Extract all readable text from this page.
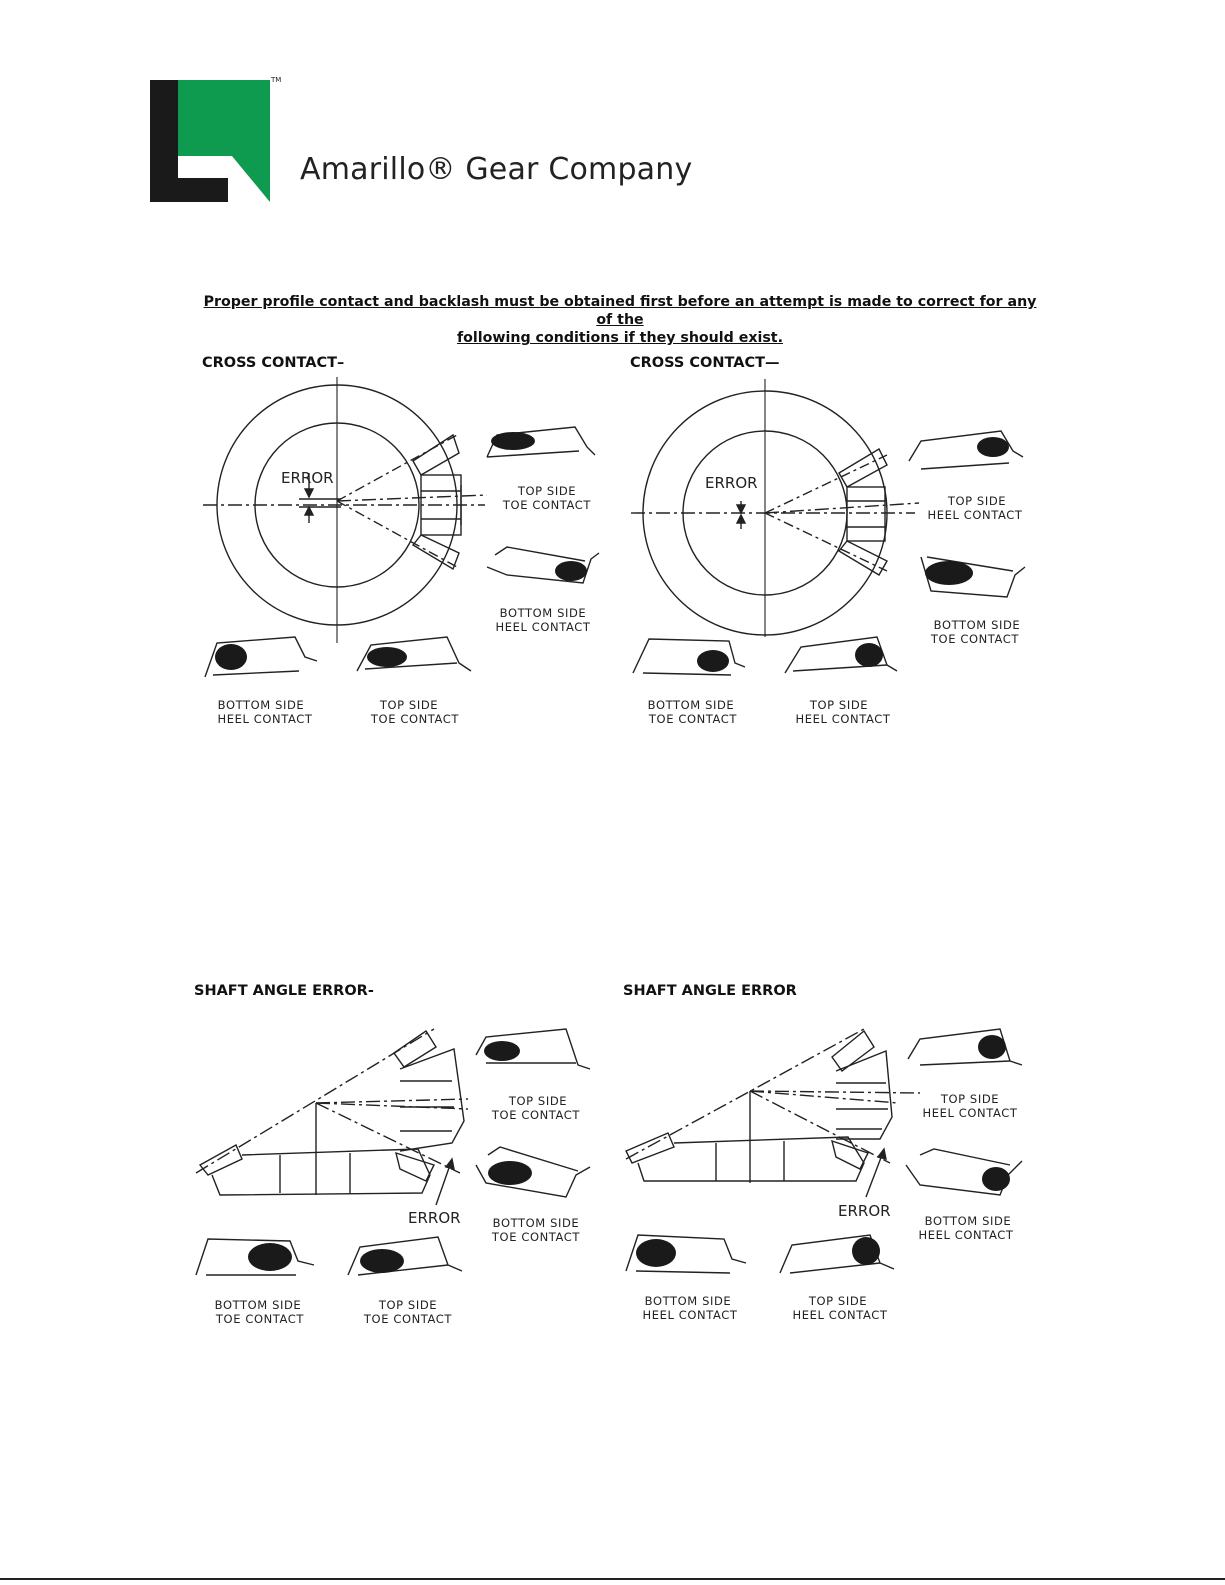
TM
Amarillo® Gear Company
Proper profile contact and backlash must be obtained first before an attempt is made to correct for any of the
following conditions if they should exist.
CROSS CONTACT–	CROSS CONTACT—
SHAFT ANGLE ERROR-	SHAFT ANGLE ERROR
ERROR
TOP SIDE
TOE CONTACT
BOTTOM SIDE
HEEL CONTACT
BOTTOM SIDE
HEEL CONTACT
TOP SIDE
TOE CONTACT
ERROR
TOP SIDE
HEEL CONTACT
BOTTOM SIDE
TOE CONTACT
BOTTOM SIDE
TOE CONTACT
TOP SIDE
HEEL CONTACT
ERROR
TOP SIDE
TOE CONTACT
BOTTOM SIDE
TOE CONTACT
BOTTOM SIDE
TOE CONTACT
TOP SIDE
TOE CONTACT
ERROR
TOP SIDE
HEEL CONTACT
BOTTOM SIDE
HEEL CONTACT
BOTTOM SIDE
HEEL CONTACT
TOP SIDE
HEEL CONTACT
